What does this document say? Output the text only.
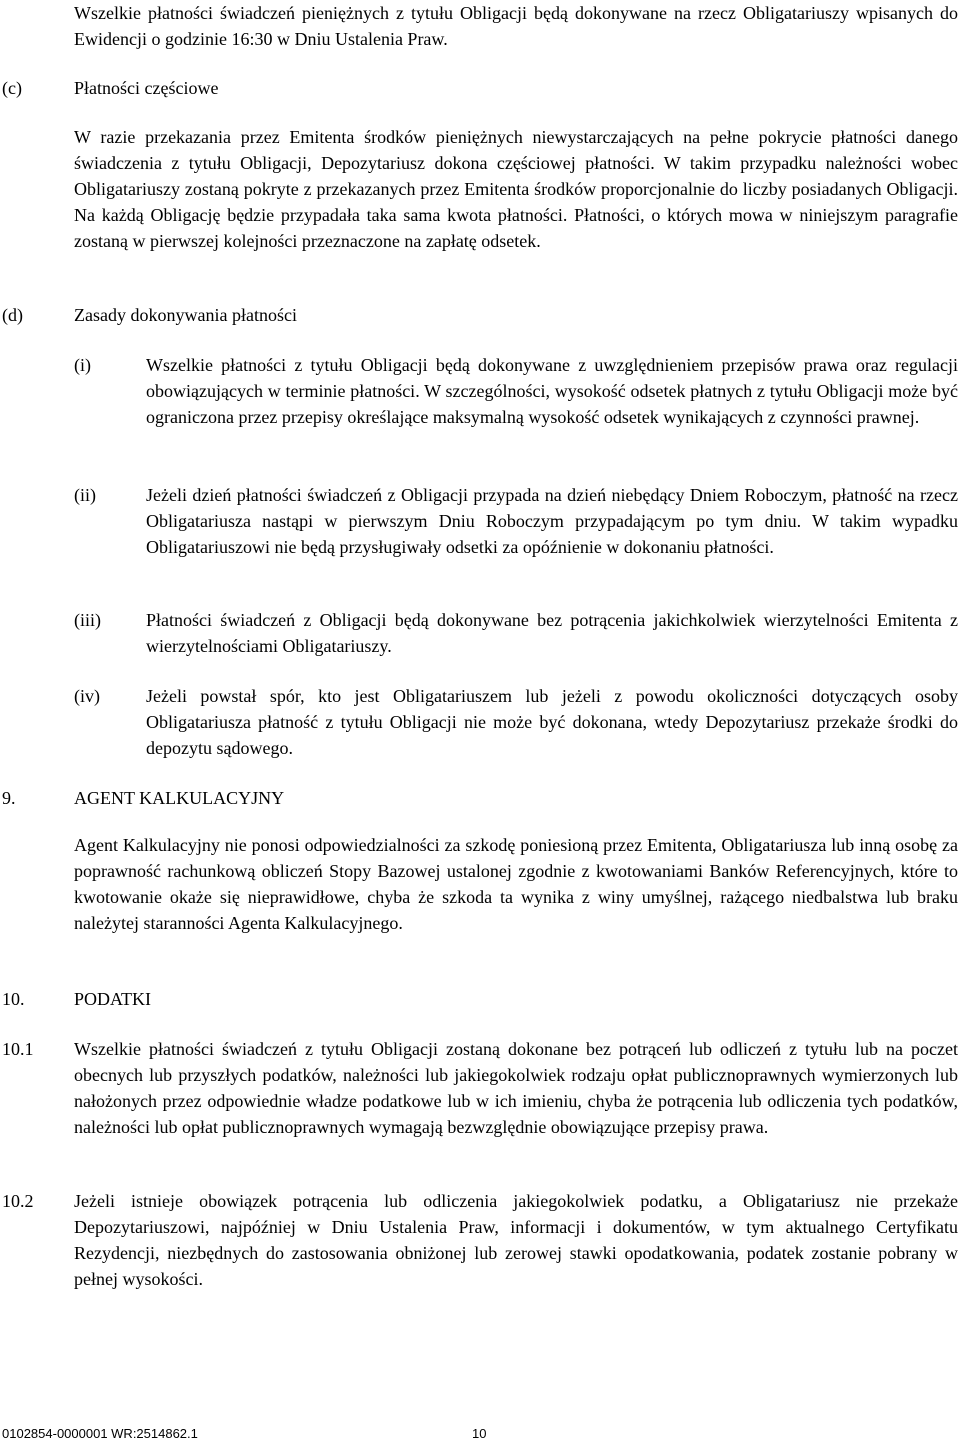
Wszelkie płatności świadczeń pieniężnych z tytułu Obligacji będą dokonywane na rzecz Obligatariuszy wpisanych do Ewidencji o godzinie 16:30 w Dniu Ustalenia Praw.
(c)	Płatności częściowe
W razie przekazania przez Emitenta środków pieniężnych niewystarczających na pełne pokrycie płatności danego świadczenia z tytułu Obligacji, Depozytariusz dokona częściowej płatności. W takim przypadku należności wobec Obligatariuszy zostaną pokryte z przekazanych przez Emitenta środków proporcjonalnie do liczby posiadanych Obligacji. Na każdą Obligację będzie przypadała taka sama kwota płatności. Płatności, o których mowa w niniejszym paragrafie zostaną w pierwszej kolejności przeznaczone na zapłatę odsetek.
(d)	Zasady dokonywania płatności
(i)	Wszelkie płatności z tytułu Obligacji będą dokonywane z uwzględnieniem przepisów prawa oraz regulacji obowiązujących w terminie płatności. W szczególności, wysokość odsetek płatnych z tytułu Obligacji może być ograniczona przez przepisy określające maksymalną wysokość odsetek wynikających z czynności prawnej.
(ii)	Jeżeli dzień płatności świadczeń z Obligacji przypada na dzień niebędący Dniem Roboczym, płatność na rzecz Obligatariusza nastąpi w pierwszym Dniu Roboczym przypadającym po tym dniu. W takim wypadku Obligatariuszowi nie będą przysługiwały odsetki za opóźnienie w dokonaniu płatności.
(iii)	Płatności świadczeń z Obligacji będą dokonywane bez potrącenia jakichkolwiek wierzytelności Emitenta z wierzytelnościami Obligatariuszy.
(iv)	Jeżeli powstał spór, kto jest Obligatariuszem lub jeżeli z powodu okoliczności dotyczących osoby Obligatariusza płatność z tytułu Obligacji nie może być dokonana, wtedy Depozytariusz przekaże środki do depozytu sądowego.
9.	AGENT KALKULACYJNY
Agent Kalkulacyjny nie ponosi odpowiedzialności za szkodę poniesioną przez Emitenta, Obligatariusza lub inną osobę za poprawność rachunkową obliczeń Stopy Bazowej ustalonej zgodnie z kwotowaniami Banków Referencyjnych, które to kwotowanie okaże się nieprawidłowe, chyba że szkoda ta wynika z winy umyślnej, rażącego niedbalstwa lub braku należytej staranności Agenta Kalkulacyjnego.
10.	PODATKI
10.1 Wszelkie płatności świadczeń z tytułu Obligacji zostaną dokonane bez potrąceń lub odliczeń z tytułu lub na poczet obecnych lub przyszłych podatków, należności lub jakiegokolwiek rodzaju opłat publicznoprawnych wymierzonych lub nałożonych przez odpowiednie władze podatkowe lub w ich imieniu, chyba że potrącenia lub odliczenia tych podatków, należności lub opłat publicznoprawnych wymagają bezwzględnie obowiązujące przepisy prawa.
10.2 Jeżeli istnieje obowiązek potrącenia lub odliczenia jakiegokolwiek podatku, a Obligatariusz nie przekaże Depozytariuszowi, najpóźniej w Dniu Ustalenia Praw, informacji i dokumentów, w tym aktualnego Certyfikatu Rezydencji, niezbędnych do zastosowania obniżonej lub zerowej stawki opodatkowania, podatek zostanie pobrany w pełnej wysokości.
0102854-0000001 WR:2514862.1	10
